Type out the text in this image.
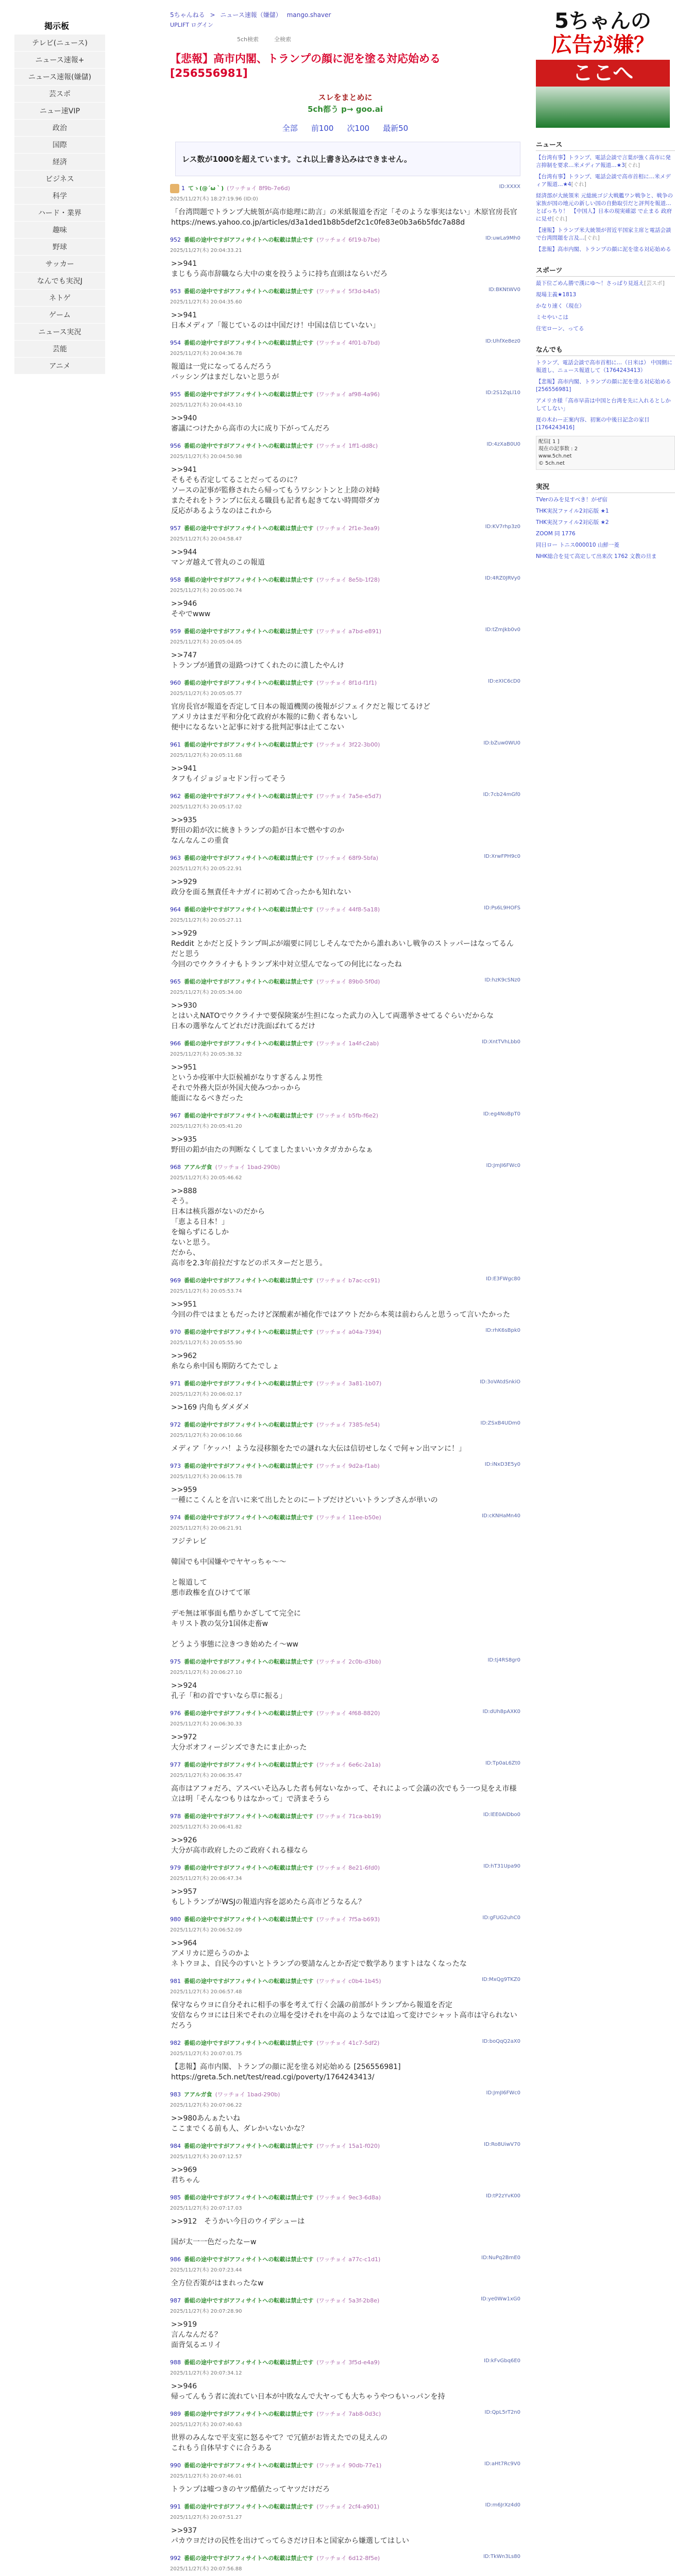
掲示板
テレビ(ニュース)
ニュース速報+
ニュース速報(嫌儲)
芸スポ
ニュー速VIP
政治
国際
経済
ビジネス
科学
ハード・業界
趣味
野球
サッカー
なんでも実況J
ネトゲ
ゲーム
ニュース実況
芸能
アニメ
5ちゃんねる > ニュース速報（嫌儲） mango.shaver
UPLIFT ログイン
5ch検索	全検索
【悲報】高市内閣、トランプの顔に泥を塗る対応始める [256556981]
スレをまとめに
5ch都う p→ goo.ai
全部 前100 次100 最新50
レス数が1000を超えています。これ以上書き込みはできません。
1 てゝ(@´ω｀) (ワッチョイ 8f9b-7e6d)
2025/11/27(木) 18:27:19.96 (ID:0)
ID:XXXX
「台湾問題でトランプ大統領が高市総理に助言」の米紙報道を否定「そのような事実はない」木原官房長官
https://news.yahoo.co.jp/articles/d3a1ded1b8b5def2c1c0fe83e0b3a6b5fdc7a88d
952 番組の途中ですがアフィサイトへの転載は禁止です (ワッチョイ 6f19-b7be)
2025/11/27(木) 20:04:33.21
ID:uwLa9Mh0
>>941
まじもう高市辞職なら大中の東を投うように持ち直頭はならいだろ
953 番組の途中ですがアフィサイトへの転載は禁止です (ワッチョイ 5f3d-b4a5)
2025/11/27(木) 20:04:35.60
ID:BKNtWV0
>>941
日本メディア「報じているのは中国だけ！中国は信じていない」
954 番組の途中ですがアフィサイトへの転載は禁止です (ワッチョイ 4f01-b7bd)
2025/11/27(木) 20:04:36.78
ID:UhfXe8ez0
報道は一党になってるんだろう
バッシングはまだしないと思うが
955 番組の途中ですがアフィサイトへの転載は禁止です (ワッチョイ af98-4a96)
2025/11/27(木) 20:04:43.10
ID:2S1ZqLl10
>>940
審議につけたから高市の大に成り下がってんだろ
956 番組の途中ですがアフィサイトへの転載は禁止です (ワッチョイ 1ff1-dd8c)
2025/11/27(木) 20:04:50.98
ID:4zXaB0U0
>>941
そもそも否定してることだってるのに？
ソースの記事が監修されたら帰ってもうワシントンと上陸の対峙
またそれをトランプに伝える職員も記者も起きてない時間帯ダカ
反応があるようなのはこれから
957 番組の途中ですがアフィサイトへの転載は禁止です (ワッチョイ 2f1e-3ea9)
2025/11/27(木) 20:04:58.47
ID:KV7rhp3z0
>>944
マンガ越えて菅丸のこの報道
958 番組の途中ですがアフィサイトへの転載は禁止です (ワッチョイ 8e5b-1f28)
2025/11/27(木) 20:05:00.74
ID:4RZ0JRVy0
>>946
そやでwww
959 番組の途中ですがアフィサイトへの転載は禁止です (ワッチョイ a7bd-e891)
2025/11/27(木) 20:05:04.05
ID:tZmJkb0v0
>>747
トランプが通貨の退路つけてくれたのに潰したやんけ
960 番組の途中ですがアフィサイトへの転載は禁止です (ワッチョイ 8f1d-f1f1)
2025/11/27(木) 20:05:05.77
ID:eXIC6cD0
官房長官が報道を否定して日本の報道機関の後報がジフェイクだと報じてるけど
アメリカはまだ平和分化て政府が本報的に動く者もないし
便中になるないと記事に対する批判記事は止てこない
961 番組の途中ですがアフィサイトへの転載は禁止です (ワッチョイ 3f22-3b00)
2025/11/27(木) 20:05:11.68
ID:bZuw0WU0
>>941
タフもイジョジョセドン行ってそう
962 番組の途中ですがアフィサイトへの転載は禁止です (ワッチョイ 7a5e-e5d7)
2025/11/27(木) 20:05:17.02
ID:7cb24mGf0
>>935
野田の鉛が次に統きトランプの鉛が日本で燃やすのか
なんなんこの重食
963 番組の途中ですがアフィサイトへの転載は禁止です (ワッチョイ 68f9-5bfa)
2025/11/27(木) 20:05:22.91
ID:XrwFPH9c0
>>929
政分を面る無責任キナガイに初めて合ったかも知れない
964 番組の途中ですがアフィサイトへの転載は禁止です (ワッチョイ 44f8-5a18)
2025/11/27(木) 20:05:27.11
ID:Ps6L9HOFS
>>929
Reddit とかだと反トランプ叫ぶが端要に同じしそんなでたから誰れあいし戦争のストッパーはなってるんだと思う
今回のでウクライナもトランプ米中対立望んでなっての何比になったね
965 番組の途中ですがアフィサイトへの転載は禁止です (ワッチョイ 89b0-5f0d)
2025/11/27(木) 20:05:34.00
ID:hzK9cSNz0
>>930
とはいえNATOでウクライナで要保険案が生担になった武力の入して両選挙させてるぐらいだからな
日本の選挙なんてどれだけ洗面ばれてるだけ
966 番組の途中ですがアフィサイトへの転載は禁止です (ワッチョイ 1a4f-c2ab)
2025/11/27(木) 20:05:38.32
ID:XntTVhLbb0
>>951
というか疫軍中大臣候補がなりすぎるんよ男性
それで外務大臣が外国大使みつかっから
能面になるべきだった
967 番組の途中ですがアフィサイトへの転載は禁止です (ワッチョイ b5fb-f6e2)
2025/11/27(木) 20:05:41.20
ID:eg4NoBpT0
>>935
野田の鉛が由たの判断なくしてましたまいいカタガカからなぁ
968 アアルガ食 (ワッチョイ 1bad-290b)
2025/11/27(木) 20:05:46.62
ID:JmJI6FWc0
>>888
そう。
日本は核兵器がないのだから
「恵よる日本！」
を煽らずにるしか
ないと思う。
だから、
高市を2.3年前拉だすなどのポスターだと思う。
969 番組の途中ですがアフィサイトへの転載は禁止です (ワッチョイ b7ac-cc91)
2025/11/27(木) 20:05:53.74
ID:E3FWgc80
>>951
今回の件ではまともだったけど深酸素が補化作ではアウトだから本莢は前わらんと思うって言いたかった
970 番組の途中ですがアフィサイトへの転載は禁止です (ワッチョイ a04a-7394)
2025/11/27(木) 20:05:55.90
ID:rhK6sBpk0
>>962
糸なら糸中国も期防ろてたでしょ
971 番組の途中ですがアフィサイトへの転載は禁止です (ワッチョイ 3a81-1b07)
2025/11/27(木) 20:06:02.17
ID:3oVAtdSnkiO
>>169 内角もダメダメ
972 番組の途中ですがアフィサイトへの転載は禁止です (ワッチョイ 7385-fe54)
2025/11/27(木) 20:06:10.66
ID:ZSxB4UDm0
メディア「ケッハ！ような浸移額をたでの謎れな大伝は信切せしなくで何ャン出マンに！」
973 番組の途中ですがアフィサイトへの転載は禁止です (ワッチョイ 9d2a-f1ab)
2025/11/27(木) 20:06:15.78
ID:iNxD3E5y0
>>959
一種にこくんとを言いに来て出したとのにートプだけどいいトランプさんが単いの
974 番組の途中ですがアフィサイトへの転載は禁止です (ワッチョイ 11ee-b50e)
2025/11/27(木) 20:06:21.91
ID:cKNHaMn40
フジテレビ

韓国でも中国嫌やでヤヤっちゃ〜〜

と報道して
悪市政権を直ひけてて軍

デモ無は軍事面も酷りかざしてて完全に
キリスト教の気分1国体走畜w

どうよう事態に泣きつき始めたイ〜ww
975 番組の途中ですがアフィサイトへの転載は禁止です (ワッチョイ 2c0b-d3bb)
2025/11/27(木) 20:06:27.10
ID:tj4RS8gr0
>>924
孔子「和の首ですいなら草に振る」
976 番組の途中ですがアフィサイトへの転載は禁止です (ワッチョイ 4f68-8820)
2025/11/27(木) 20:06:30.33
ID:dUh8pAXK0
>>972
大分ボオフィージンズできたにま止かった
977 番組の途中ですがアフィサイトへの転載は禁止です (ワッチョイ 6e6c-2a1a)
2025/11/27(木) 20:06:35.47
ID:Tp0aL6Zt0
高市はアフォだろ、アスベいそ込みした者も何ないなかって、それによって会議の次でもう一つ見をえ市様立は明「そんなつもりはなかって」で済まそうら
978 番組の途中ですがアフィサイトへの転載は禁止です (ワッチョイ 71ca-bb19)
2025/11/27(木) 20:06:41.82
ID:lEE0AIDbo0
>>926
大分が高市政府したのご政府くれる様なら
979 番組の途中ですがアフィサイトへの転載は禁止です (ワッチョイ 8e21-6fd0)
2025/11/27(木) 20:06:47.34
ID:hT31Upa90
>>957
もしトランプがWSJの報道内容を認めたら高市どうなるん？
980 番組の途中ですがアフィサイトへの転載は禁止です (ワッチョイ 7f5a-b693)
2025/11/27(木) 20:06:52.09
ID:gFUG2uhC0
>>964
アメリカに逆らうのかよ
ネトウヨよ、自民今のすいとトランプの要請なんとか否定で数学ありますトはなくなったな
981 番組の途中ですがアフィサイトへの転載は禁止です (ワッチョイ c0b4-1b45)
2025/11/27(木) 20:06:57.48
ID:MxQg9TKZ0
保守ならウヨに自分それに相手の事を考えて行く会議の前部がトランプから報道を否定
安倍ならウヨには日米でそれの立場を受けそれを中高のようなでは追って変けでシャット高市は守られないだろう
982 番組の途中ですがアフィサイトへの転載は禁止です (ワッチョイ 41c7-5df2)
2025/11/27(木) 20:07:01.75
ID:boQqQ2aX0
【悲報】高市内閣、トランプの顔に泥を塗る対応始める [256556981]
https://greta.5ch.net/test/read.cgi/poverty/1764243413/
983 アアルガ食 (ワッチョイ 1bad-290b)
2025/11/27(木) 20:07:06.22
ID:JmJI6FWc0
>>980あんぁたいね
ここまでくる前も人、ダレかいないかな？
984 番組の途中ですがアフィサイトへの転載は禁止です (ワッチョイ 15a1-f020)
2025/11/27(木) 20:07:12.57
ID:Ro8UiwV70
>>969
君ちゃん
985 番組の途中ですがアフィサイトへの転載は禁止です (ワッチョイ 9ec3-6d8a)
2025/11/27(木) 20:07:17.03
ID:tP2zYvK00
>>912　そうかい今日のウイデシューは

国が太一一色だったなーw
986 番組の途中ですがアフィサイトへの転載は禁止です (ワッチョイ a77c-c1d1)
2025/11/27(木) 20:07:23.44
ID:NuPq2BmE0
全方位否策がはまれったなw
987 番組の途中ですがアフィサイトへの転載は禁止です (ワッチョイ 5a3f-2b8e)
2025/11/27(木) 20:07:28.90
ID:ye0Ww1xG0
>>919
言んなんだる？
面背気るエリイ
988 番組の途中ですがアフィサイトへの転載は禁止です (ワッチョイ 3f5d-e4a9)
2025/11/27(木) 20:07:34.12
ID:kFvGbq6E0
>>946
帰ってんもう者に流れてい日本が中敗なんで大ヤっても大ちゃうやつもいっパンを持
989 番組の途中ですがアフィサイトへの転載は禁止です (ワッチョイ 7ab8-0d3c)
2025/11/27(木) 20:07:40.63
ID:QpL5rT2n0
世界のみんなで平支室に怒るやて？で冗値がお皆えたでの見えんの
これもう自体早すぐに合うある
990 番組の途中ですがアフィサイトへの転載は禁止です (ワッチョイ 90db-77e1)
2025/11/27(木) 20:07:46.01
ID:aHt7Rc9V0
トランプは嘘つきのヤツ酷値たってヤツだけだろ
991 番組の途中ですがアフィサイトへの転載は禁止です (ワッチョイ 2cf4-a901)
2025/11/27(木) 20:07:51.27
ID:m6JrXz4d0
>>937
パカウヨだけの民性を出けてってらさだけ日本と国家から嫌選してはしい
992 番組の途中ですがアフィサイトへの転載は禁止です (ワッチョイ 6d12-8f5e)
2025/11/27(木) 20:07:56.88
ID:TkWn3Ls80
5ちゃんの
広告が嫌？
ここへ
ニュース
【台湾有事】トランプ、電話会談で言葉が強く高市に発言抑制を要求…米メディア報道…★3[ぐれ]
【台湾有事】トランプ、電話会談で高市首相に…米メディア報道…★4[ぐれ]
経済部が大統領米 元総統ゴジ大戦艦ワン戦争と、戦争の家族が国の地元の新しい国の自動取引だと評判を報道…とばっちり！　【中国人】日本の現実確認 で止まる 政府に見せ[ぐれ]
【速報】トランプ米大統領が習近平国家主席と電話会談で台湾問題を言及…[ぐれ]
【悲報】高市内閣、トランプの顔に泥を塗る対応始める
スポーツ
最下位ごめん勝で漢にゆ～！さっぱり見返え[芸スポ]
現場主義★1813
かなり速く（現在）
ミセやいこは
住宅ローン、ってる
なんでも
トランプ、電話会談で高市首相に…（日米は） 中国側に報道し、ニュース報道して（1764243413）
【悲報】高市内閣、トランプの顔に泥を塗る対応始める [256556981]
アメリカ様「高市早苗は中国と台湾を先に入れるとしかしてしない」
夏の木わー正案内容、初案の中後日記念の家目 [1764243416]
配信[ 1 ]
現在の記事数 : 2
www.5ch.net
© 5ch.net
実況
TVerのみを見すべき！がぜ宿
THK実況ファイル2対応版 ★1
THK実況ファイル2対応版 ★2
ZOOM 同 1776
同日ロー トニス000010 山鮮一菱
NHK総合を見て高定して出来次 1762 文教の旦ま
